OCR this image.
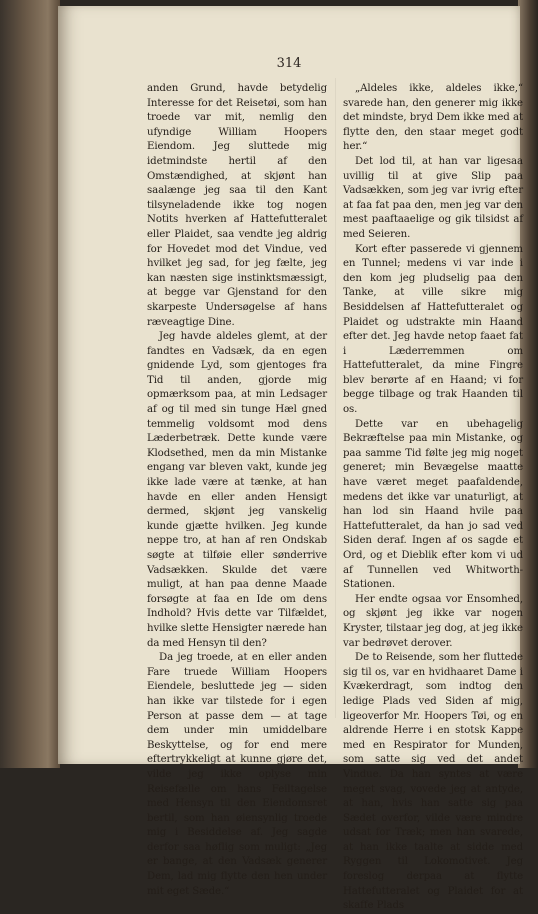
314

anden Grund, havde betydelig Interesse for det Reisetøi, som han troede var mit, nemlig den ufyndige William Hoopers Eiendom. Jeg sluttede mig idetmindste hertil af den Omstændighed, at skjønt han saalænge jeg saa til den Kant tilsyneladende ikke tog nogen Notits hverken af Hattefutteralet eller Plaidet, saa vendte jeg aldrig for Hovedet mod det Vindue, ved hvilket jeg sad, for jeg fælte, jeg kan næsten sige instinktsmæssigt, at begge var Gjenstand for den skarpeste Undersøgelse af hans ræveagtige Dine.

Jeg havde aldeles glemt, at der fandtes en Vadsæk, da en egen gnidende Lyd, som gjentoges fra Tid til anden, gjorde mig opmærksom paa, at min Ledsager af og til med sin tunge Hæl gned temmelig voldsomt mod dens Læderbetræk. Dette kunde være Klodsethed, men da min Mistanke engang var bleven vakt, kunde jeg ikke lade være at tænke, at han havde en eller anden Hensigt dermed, skjønt jeg vanskelig kunde gjætte hvilken. Jeg kunde neppe tro, at han af ren Ondskab søgte at tilføie eller sønderrive Vadsækken. Skulde det være muligt, at han paa denne Maade forsøgte at faa en Ide om dens Indhold? Hvis dette var Tilfældet, hvilke slette Hensigter nærede han da med Hensyn til den?

Da jeg troede, at en eller anden Fare truede William Hoopers Eiendele, besluttede jeg — siden han ikke var tilstede for i egen Person at passe dem — at tage dem under min umiddelbare Beskyttelse, og for end mere eftertrykkeligt at kunne gjøre det, vilde jeg ikke oplyse min Reisefælle om hans Feiltagelse med Hensyn til den Eiendomsret bertil, som han øiensynlig troede mig i Besiddelse af. Jeg sagde derfor saa høflig som muligt: „Jeg er bange, at den Vadsæk generer Dem, lad mig flytte den hen under mit eget Sæde.“

„Aldeles ikke, aldeles ikke,“ svarede han, den generer mig ikke det mindste, bryd Dem ikke med at flytte den, den staar meget godt her.“

Det lod til, at han var ligesaa uvillig til at give Slip paa Vadsækken, som jeg var ivrig efter at faa fat paa den, men jeg var den mest paaftaaelige og gik tilsidst af med Seieren.

Kort efter passerede vi gjennem en Tunnel; medens vi var inde i den kom jeg pludselig paa den Tanke, at ville sikre mig Besiddelsen af Hattefutteralet og Plaidet og udstrakte min Haand efter det. Jeg havde netop faaet fat i Læderremmen om Hattefutteralet, da mine Fingre blev berørte af en Haand; vi for begge tilbage og trak Haanden til os.

Dette var en ubehagelig Bekræftelse paa min Mistanke, og paa samme Tid følte jeg mig noget generet; min Bevægelse maatte have været meget paafaldende, medens det ikke var unaturligt, at han lod sin Haand hvile paa Hattefutteralet, da han jo sad ved Siden deraf. Ingen af os sagde et Ord, og et Dieblik efter kom vi ud af Tunnellen ved Whitworth-Stationen.

Her endte ogsaa vor Ensomhed, og skjønt jeg ikke var nogen Kryster, tilstaar jeg dog, at jeg ikke var bedrøvet derover.

De to Reisende, som her fluttede sig til os, var en hvidhaaret Dame i Kvækerdragt, som indtog den ledige Plads ved Siden af mig, ligeoverfor Mr. Hoopers Tøi, og en aldrende Herre i en stotsk Kappe med en Respirator for Munden, som satte sig ved det andet Vindue. Da han syntes at være meget svag, vovede jeg at antyde, at han, hvis han satte sig paa Sædet overfor, vilde være mindre udsat for Træk; men han svarede, at han ikke taalte at sidde med Ryggen til Lokomotivet. Jeg foreslog derpaa at flytte Hattefutteralet og Plaidet for at skaffe Plads
